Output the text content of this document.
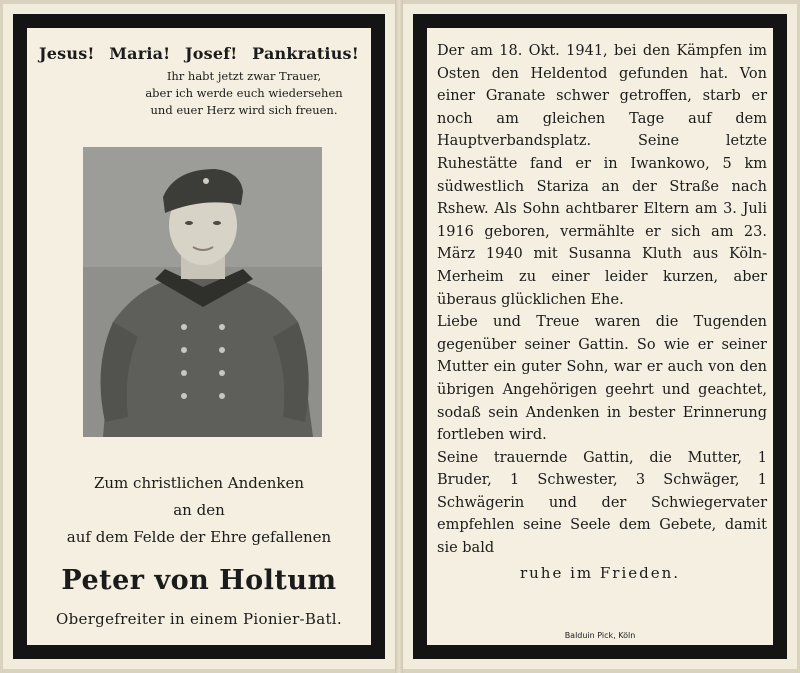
Jesus! Maria! Josef! Pankratius!
Ihr habt jetzt zwar Trauer,
aber ich werde euch wiedersehen
und euer Herz wird sich freuen.
Zum christlichen Andenken
an den
auf dem Felde der Ehre gefallenen
Peter von Holtum
Obergefreiter in einem Pionier-Batl.

Der am 18. Okt. 1941, bei den Kämpfen im Osten den Heldentod gefunden hat. Von einer Granate schwer getroffen, starb er noch am gleichen Tage auf dem Hauptverbandsplatz. Seine letzte Ruhestätte fand er in Iwankowo, 5 km südwestlich Stariza an der Straße nach Rshew. Als Sohn achtbarer Eltern am 3. Juli 1916 geboren, vermählte er sich am 23. März 1940 mit Susanna Kluth aus Köln-Merheim zu einer leider kurzen, aber überaus glücklichen Ehe.

Liebe und Treue waren die Tugenden gegenüber seiner Gattin. So wie er seiner Mutter ein guter Sohn, war er auch von den übrigen Angehörigen geehrt und geachtet, sodaß sein Andenken in bester Erinnerung fortleben wird.

Seine trauernde Gattin, die Mutter, 1 Bruder, 1 Schwester, 3 Schwäger, 1 Schwägerin und der Schwiegervater empfehlen seine Seele dem Gebete, damit sie bald

ruhe im Frieden.
Balduin Pick, Köln
